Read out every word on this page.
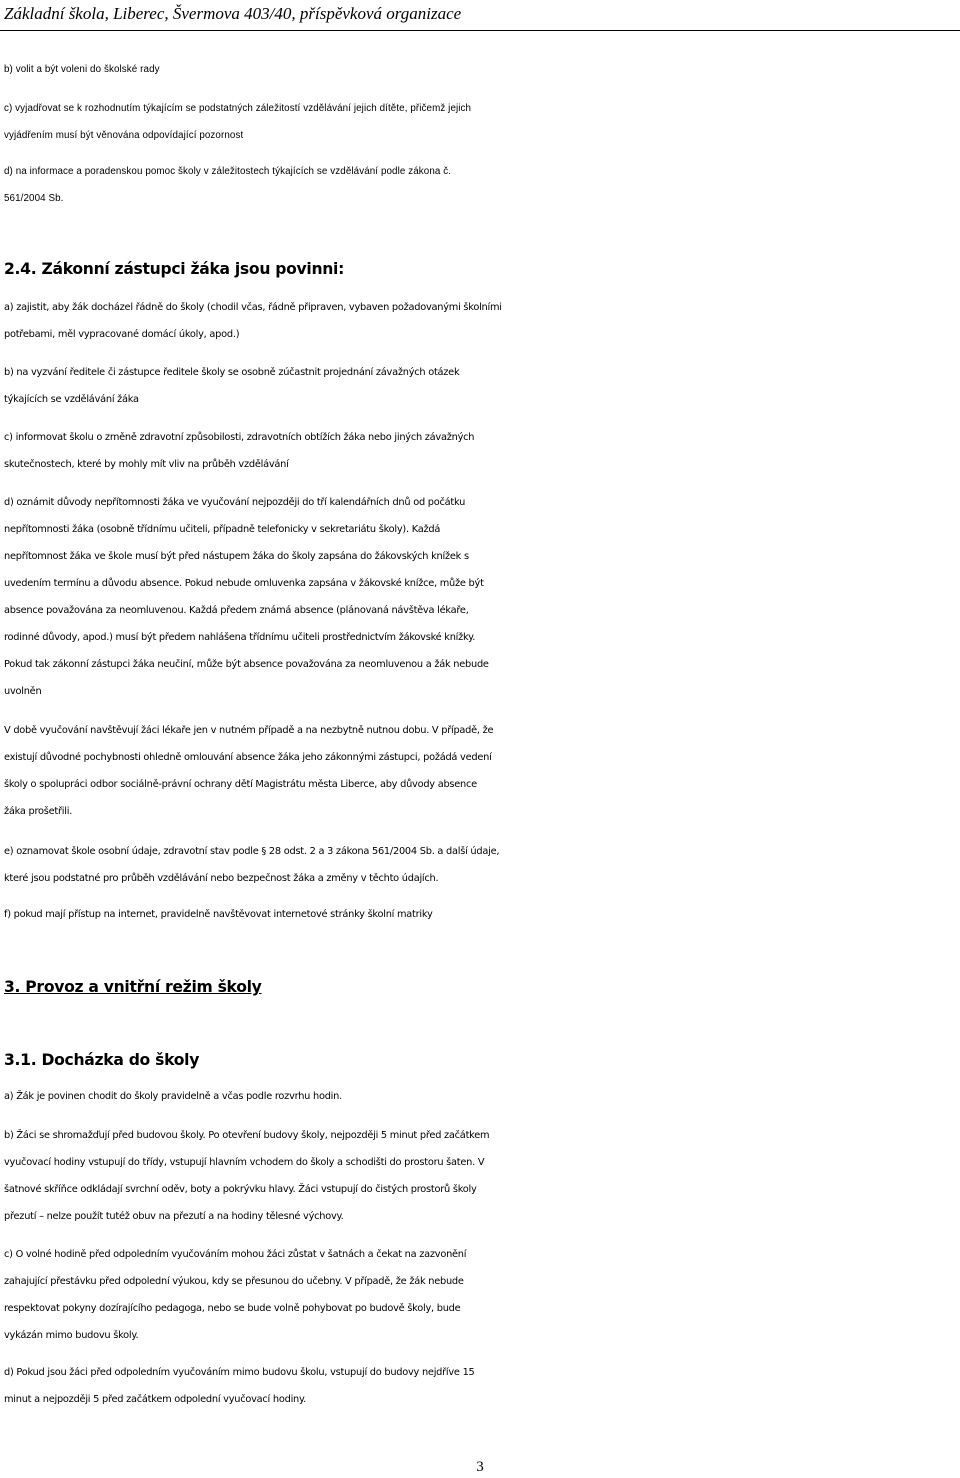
Základní škola, Liberec, Švermova 403/40, příspěvková organizace
b) volit a být voleni do školské rady
c) vyjadřovat se k rozhodnutím týkajícím se podstatných záležitostí vzdělávání jejich dítěte, přičemž jejich
vyjádřením musí být věnována odpovídající pozornost
d) na informace a poradenskou pomoc školy v záležitostech týkajících se vzdělávání podle zákona č.
561/2004 Sb.
2.4. Zákonní zástupci žáka jsou povinni:
a) zajistit, aby žák docházel řádně do školy (chodil včas, řádně připraven, vybaven požadovanými školními
potřebami, měl vypracované domácí úkoly, apod.)
b) na vyzvání ředitele či zástupce ředitele školy se osobně zúčastnit projednání závažných otázek
týkajících se vzdělávání žáka
c) informovat školu o změně zdravotní způsobilosti, zdravotních obtížích žáka nebo jiných závažných
skutečnostech, které by mohly mít vliv na průběh vzdělávání
d) oznámit důvody nepřítomnosti žáka ve vyučování nejpozději do tří kalendářních dnů od počátku
nepřítomnosti žáka (osobně třídnímu učiteli, případně telefonicky v sekretariátu školy). Každá
nepřítomnost žáka ve škole musí být před nástupem žáka do školy zapsána do žákovských knížek s
uvedením termínu a důvodu absence. Pokud nebude omluvenka zapsána v žákovské knížce, může být
absence považována za neomluvenou. Každá předem známá absence (plánovaná návštěva lékaře,
rodinné důvody, apod.) musí být předem nahlášena třídnímu učiteli prostřednictvím žákovské knížky.
Pokud tak zákonní zástupci žáka neučiní, může být absence považována za neomluvenou a žák nebude
uvolněn
V době vyučování navštěvují žáci lékaře jen v nutném případě a na nezbytně nutnou dobu. V případě, že
existují důvodné pochybnosti ohledně omlouvání absence žáka jeho zákonnými zástupci, požádá vedení
školy o spolupráci odbor sociálně-právní ochrany dětí Magistrátu města Liberce, aby důvody absence
žáka prošetřili.
e) oznamovat škole osobní údaje, zdravotní stav podle § 28 odst. 2 a 3 zákona 561/2004 Sb. a další údaje,
které jsou podstatné pro průběh vzdělávání nebo bezpečnost žáka a změny v těchto údajích.
f) pokud mají přístup na internet, pravidelně navštěvovat internetové stránky školní matriky
3. Provoz a vnitřní režim školy
3.1. Docházka do školy
a) Žák je povinen chodit do školy pravidelně a včas podle rozvrhu hodin.
b) Žáci se shromažďují před budovou školy. Po otevření budovy školy, nejpozději 5 minut před začátkem
vyučovací hodiny vstupují do třídy, vstupují hlavním vchodem do školy a schodišti do prostoru šaten. V
šatnové skříňce odkládají svrchní oděv, boty a pokrývku hlavy. Žáci vstupují do čistých prostorů školy
přezutí – nelze použít tutéž obuv na přezutí a na hodiny tělesné výchovy.
c) O volné hodině před odpoledním vyučováním mohou žáci zůstat v šatnách a čekat na zazvonění
zahajující přestávku před odpolední výukou, kdy se přesunou do učebny. V případě, že žák nebude
respektovat pokyny dozírajícího pedagoga, nebo se bude volně pohybovat po budově školy, bude
vykázán mimo budovu školy.
d) Pokud jsou žáci před odpoledním vyučováním mimo budovu školu, vstupují do budovy nejdříve 15
minut a nejpozději 5 před začátkem odpolední vyučovací hodiny.
3
